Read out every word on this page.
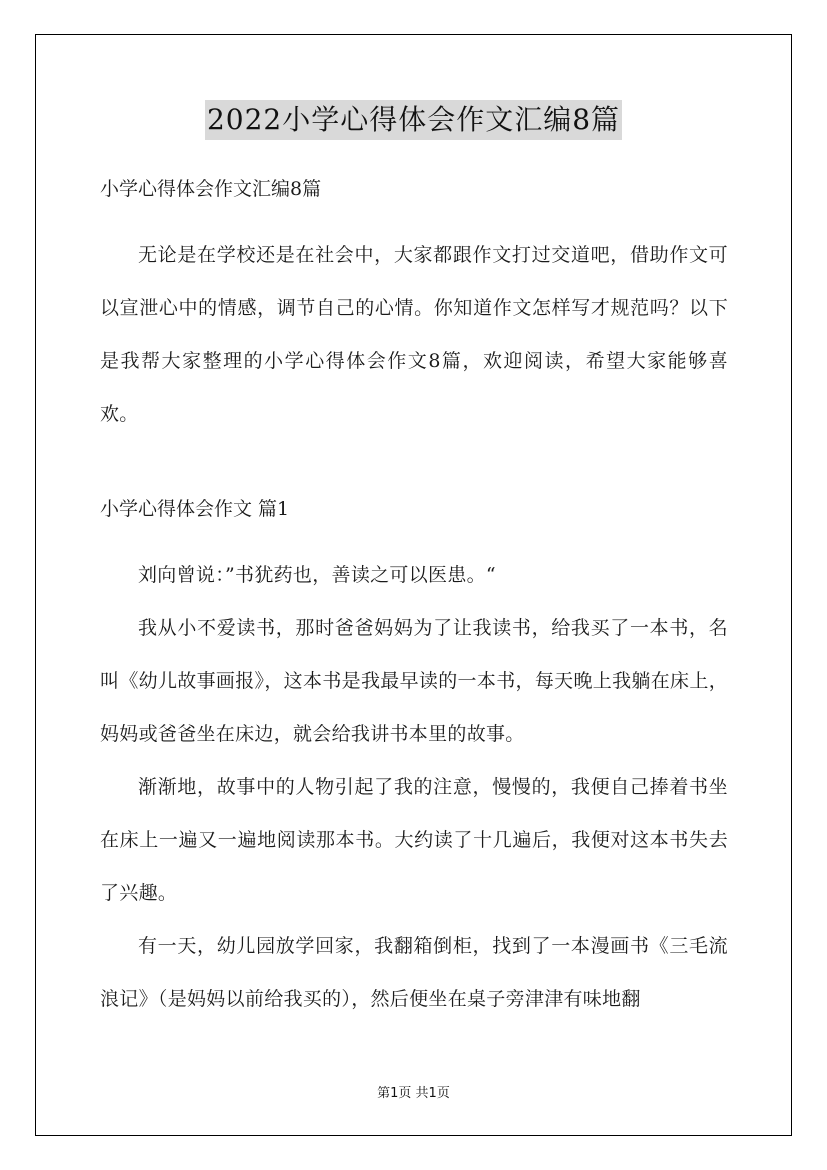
2022小学心得体会作文汇编8篇

小学心得体会作文汇编8篇

无论是在学校还是在社会中，大家都跟作文打过交道吧，借助作文可以宣泄心中的情感，调节自己的心情。你知道作文怎样写才规范吗？以下是我帮大家整理的小学心得体会作文8篇，欢迎阅读，希望大家能够喜欢。

小学心得体会作文 篇1

刘向曾说：”书犹药也，善读之可以医患。“

我从小不爱读书，那时爸爸妈妈为了让我读书，给我买了一本书，名叫《幼儿故事画报》，这本书是我最早读的一本书，每天晚上我躺在床上，妈妈或爸爸坐在床边，就会给我讲书本里的故事。

渐渐地，故事中的人物引起了我的注意，慢慢的，我便自己捧着书坐在床上一遍又一遍地阅读那本书。大约读了十几遍后，我便对这本书失去了兴趣。

有一天，幼儿园放学回家，我翻箱倒柜，找到了一本漫画书《三毛流浪记》（是妈妈以前给我买的），然后便坐在桌子旁津津有味地翻

第1页 共1页
